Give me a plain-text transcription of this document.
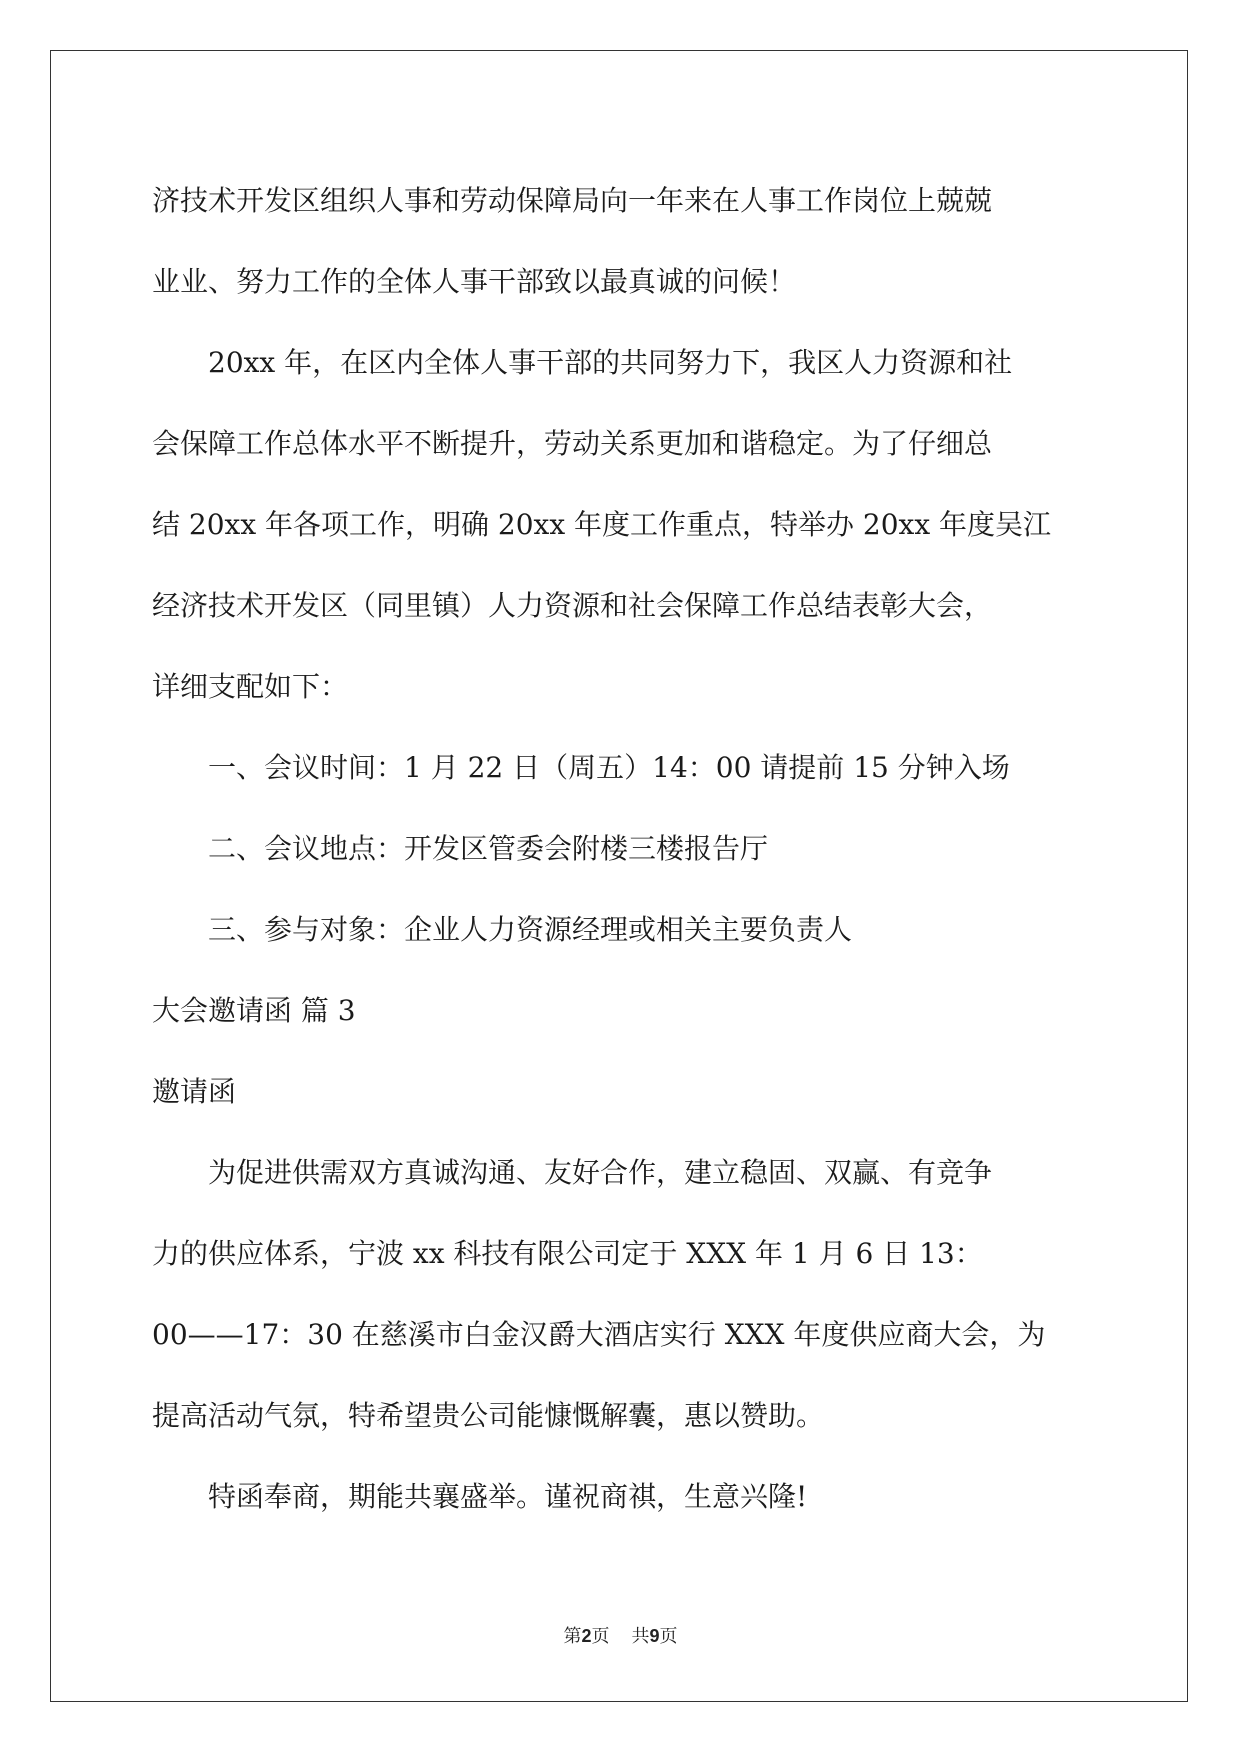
济技术开发区组织人事和劳动保障局向一年来在人事工作岗位上兢兢
业业、努力工作的全体人事干部致以最真诚的问候！
　　20xx 年，在区内全体人事干部的共同努力下，我区人力资源和社
会保障工作总体水平不断提升，劳动关系更加和谐稳定。为了仔细总
结 20xx 年各项工作，明确 20xx 年度工作重点，特举办 20xx 年度吴江
经济技术开发区（同里镇）人力资源和社会保障工作总结表彰大会，
详细支配如下：
　　一、会议时间：1 月 22 日（周五）14：00 请提前 15 分钟入场
　　二、会议地点：开发区管委会附楼三楼报告厅
　　三、参与对象：企业人力资源经理或相关主要负责人
大会邀请函 篇 3
邀请函
　　为促进供需双方真诚沟通、友好合作，建立稳固、双赢、有竞争
力的供应体系，宁波 xx 科技有限公司定于 XXX 年 1 月 6 日 13：
00——17：30 在慈溪市白金汉爵大酒店实行 XXX 年度供应商大会，为
提高活动气氛，特希望贵公司能慷慨解囊，惠以赞助。
　　特函奉商，期能共襄盛举。谨祝商祺，生意兴隆!
第2页 共9页
